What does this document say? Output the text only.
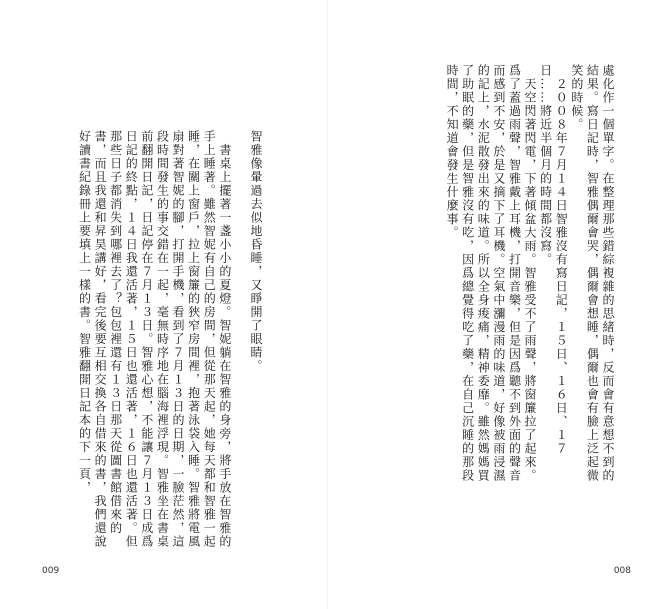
智雅像暈過去似地昏睡，又睜開了眼睛。

　書桌上擺著一盞小小的夏燈。智妮躺在智雅的身旁，將手放在智雅的手上睡著。雖然智妮有自己的房間，但從那天起，她每天都和智雅一起睡，在關上窗戶，拉上窗簾的狹窄房間裡，抱著泳袋入睡。智雅將電風扇對著智妮的腳，打開手機，看到了７月１３日的日期，一臉茫然，這段時間發生的事交錯在一起，毫無時序地在腦海裡浮現。智雅坐在書桌前翻開日記，日記停在７月１３日。智雅心想，不能讓７月１３日成爲日記的終點，１４日我還活著，１５日也還活著，１６日也還活著。但那些日子都消失到哪裡去了？包包裡還有１３日那天從圖書館借來的書，而且我還和昇昊講好，看完後要互相交換各自借來的書，我們還說好讀書紀錄冊上要填上一樣的書。智雅翻開日記本的下一頁，
009
處化作一個單字。在整理那些錯綜複雜的思緒時，反而會有意想不到的結果。寫日記時，智雅偶爾會哭，偶爾會想睡，偶爾也會有臉上泛起微笑的時候。
　２００８年７月１４日智雅沒有寫日記，１５日、１６日、１７日……將近半個月的時間都沒寫。
　天空閃著閃電，下著傾盆大雨。智雅受不了雨聲，將窗簾拉了起來。爲了蓋過雨聲，智雅戴上耳機，打開音樂，但是因爲聽不到外面的聲音而感到不安，於是又摘下了耳機。空氣中瀰漫雨的味道，好像被雨浸濕的記上，水泥散發出來的味道。所以全身痠痛，精神委靡。雖然媽媽買了助眠的藥，但是智雅沒有吃，因爲總覺得吃了藥，在自己沉睡的那段時間，不知道會發生什麼事。
008
